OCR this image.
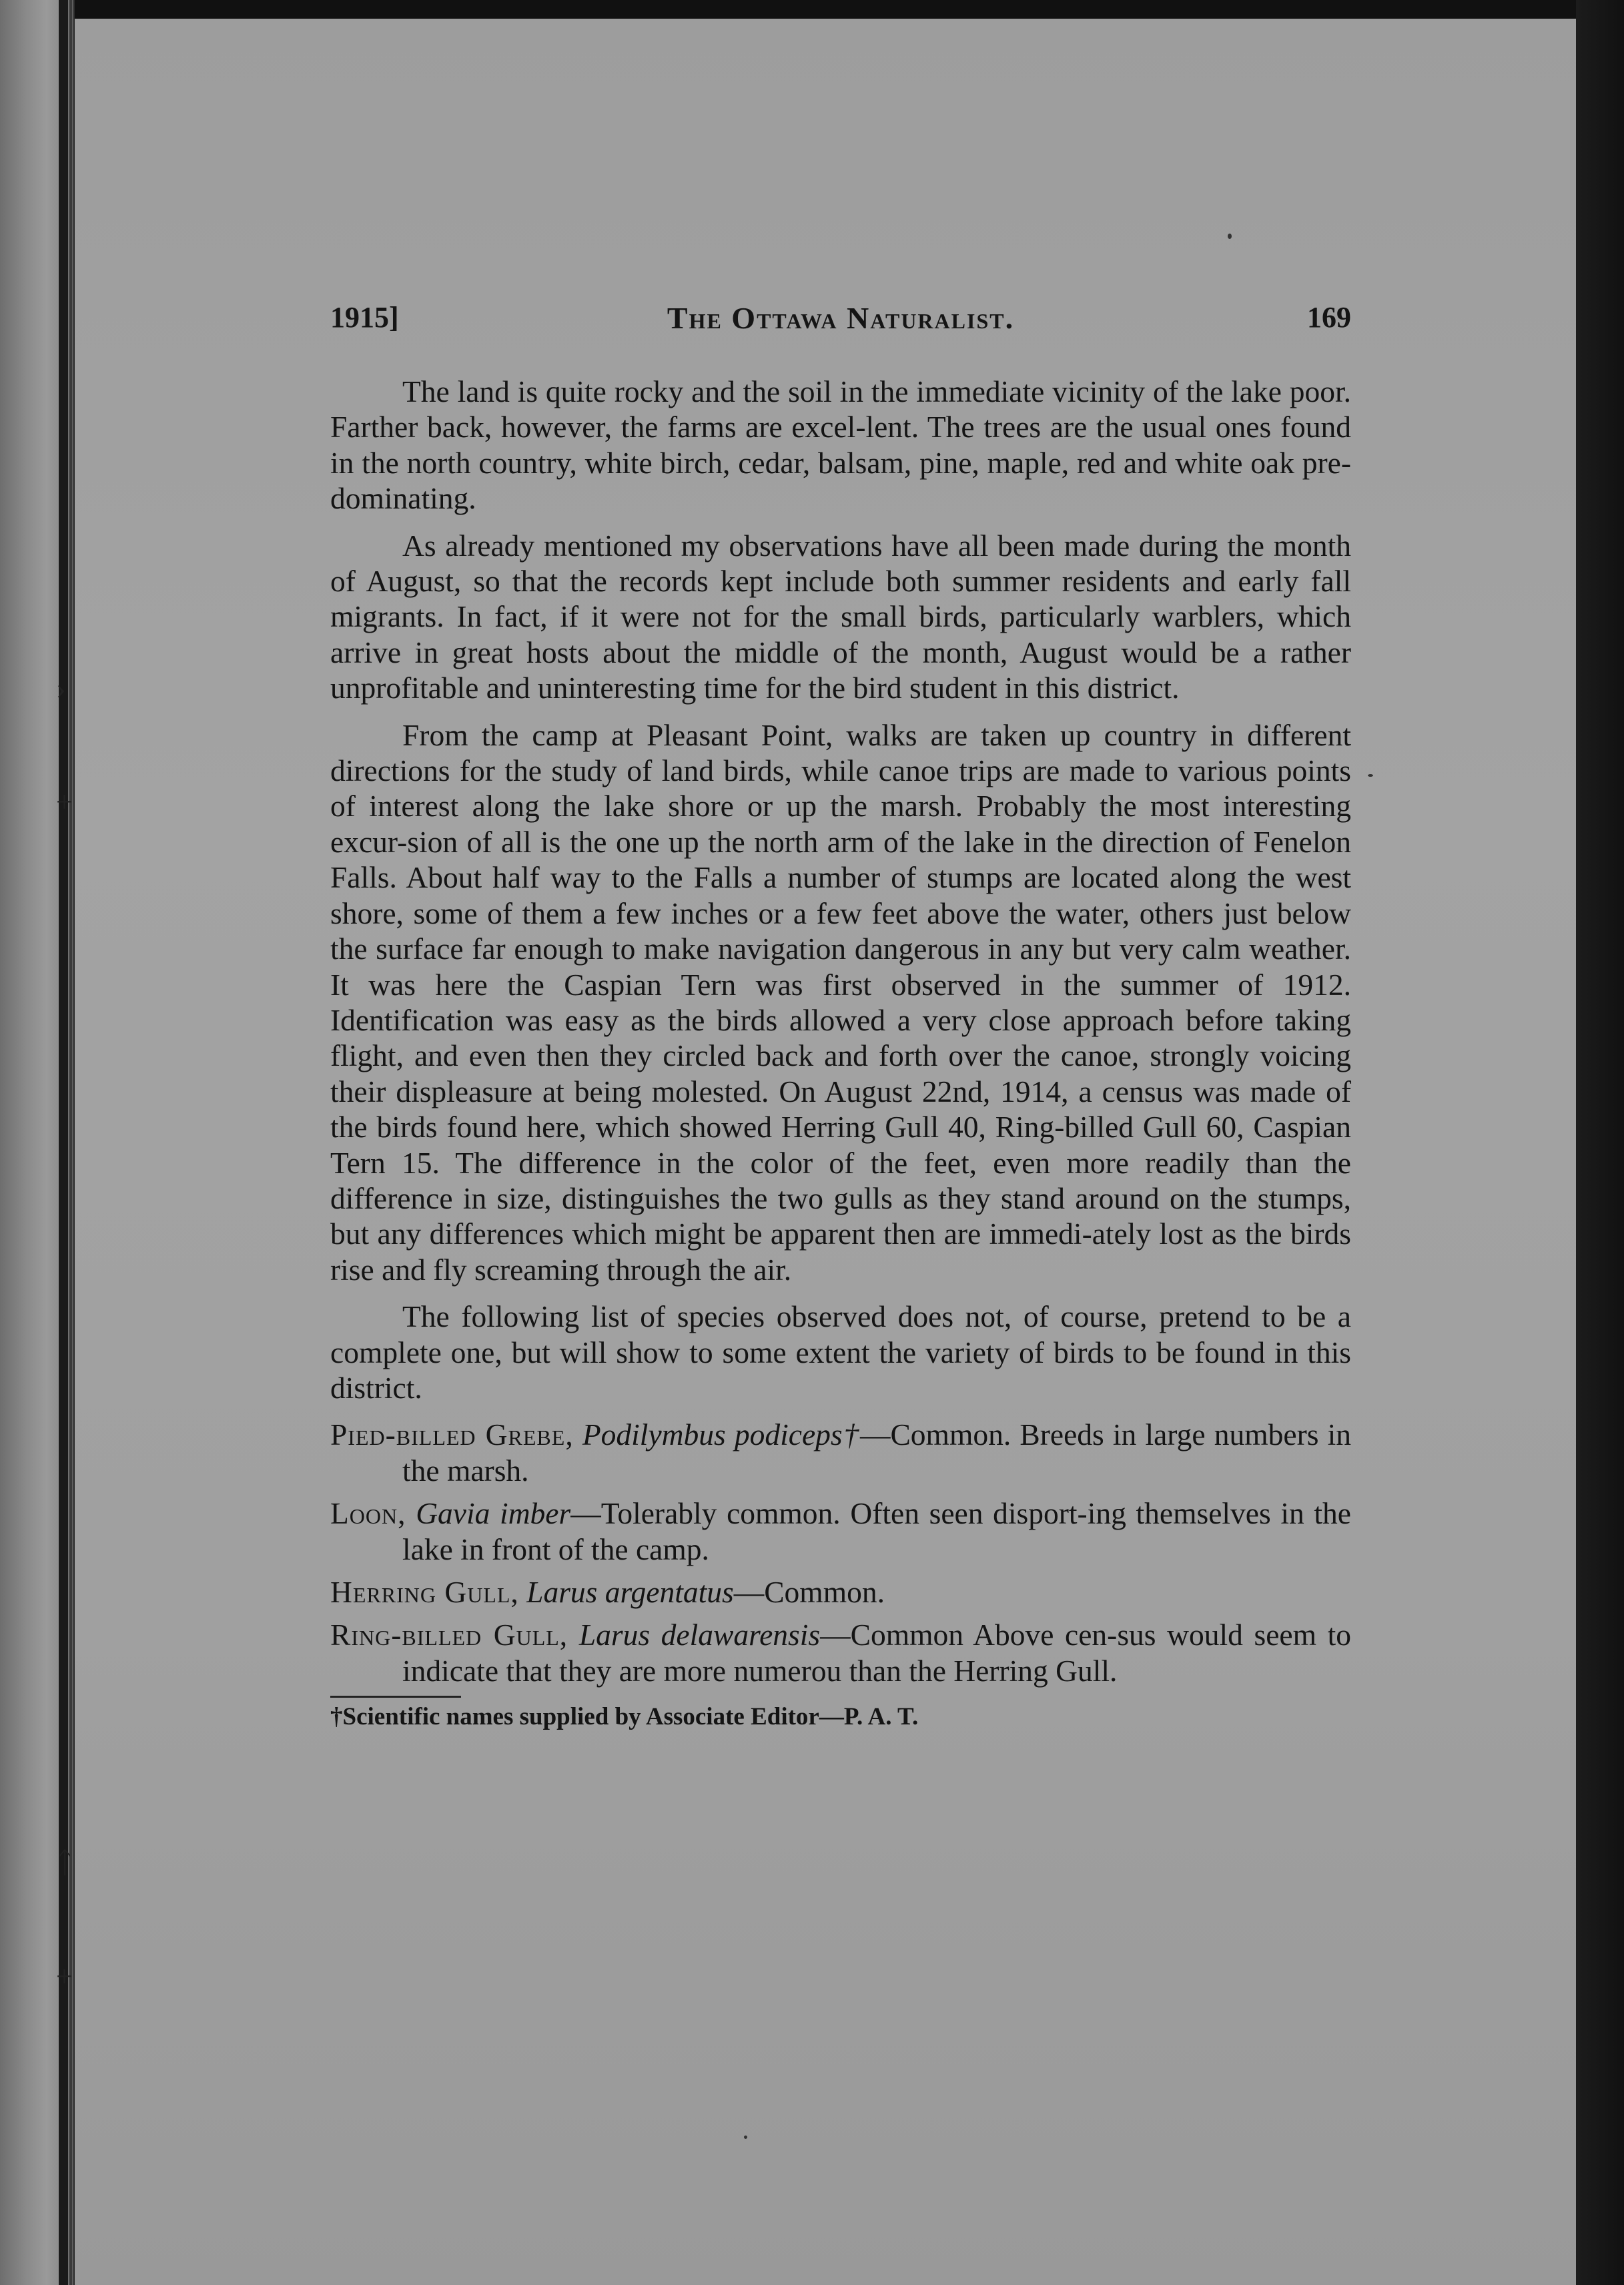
›
+
ᛏ
+
1915]	The Ottawa Naturalist.	169

The land is quite rocky and the soil in the immediate vicinity of the lake poor. Farther back, however, the farms are excel-lent. The trees are the usual ones found in the north country, white birch, cedar, balsam, pine, maple, red and white oak pre-dominating.

As already mentioned my observations have all been made during the month of August, so that the records kept include both summer residents and early fall migrants. In fact, if it were not for the small birds, particularly warblers, which arrive in great hosts about the middle of the month, August would be a rather unprofitable and uninteresting time for the bird student in this district.

From the camp at Pleasant Point, walks are taken up country in different directions for the study of land birds, while canoe trips are made to various points of interest along the lake shore or up the marsh. Probably the most interesting excur-sion of all is the one up the north arm of the lake in the direction of Fenelon Falls. About half way to the Falls a number of stumps are located along the west shore, some of them a few inches or a few feet above the water, others just below the surface far enough to make navigation dangerous in any but very calm weather. It was here the Caspian Tern was first observed in the summer of 1912. Identification was easy as the birds allowed a very close approach before taking flight, and even then they circled back and forth over the canoe, strongly voicing their displeasure at being molested. On August 22nd, 1914, a census was made of the birds found here, which showed Herring Gull 40, Ring-billed Gull 60, Caspian Tern 15. The difference in the color of the feet, even more readily than the difference in size, distinguishes the two gulls as they stand around on the stumps, but any differences which might be apparent then are immedi-ately lost as the birds rise and fly screaming through the air.

The following list of species observed does not, of course, pretend to be a complete one, but will show to some extent the variety of birds to be found in this district.

Pied-billed Grebe, Podilymbus podiceps†—Common. Breeds in large numbers in the marsh.

Loon, Gavia imber—Tolerably common. Often seen disport-ing themselves in the lake in front of the camp.

Herring Gull, Larus argentatus—Common.

Ring-billed Gull, Larus delawarensis—Common Above cen-sus would seem to indicate that they are more numerou than the Herring Gull.

†Scientific names supplied by Associate Editor—P. A. T.
